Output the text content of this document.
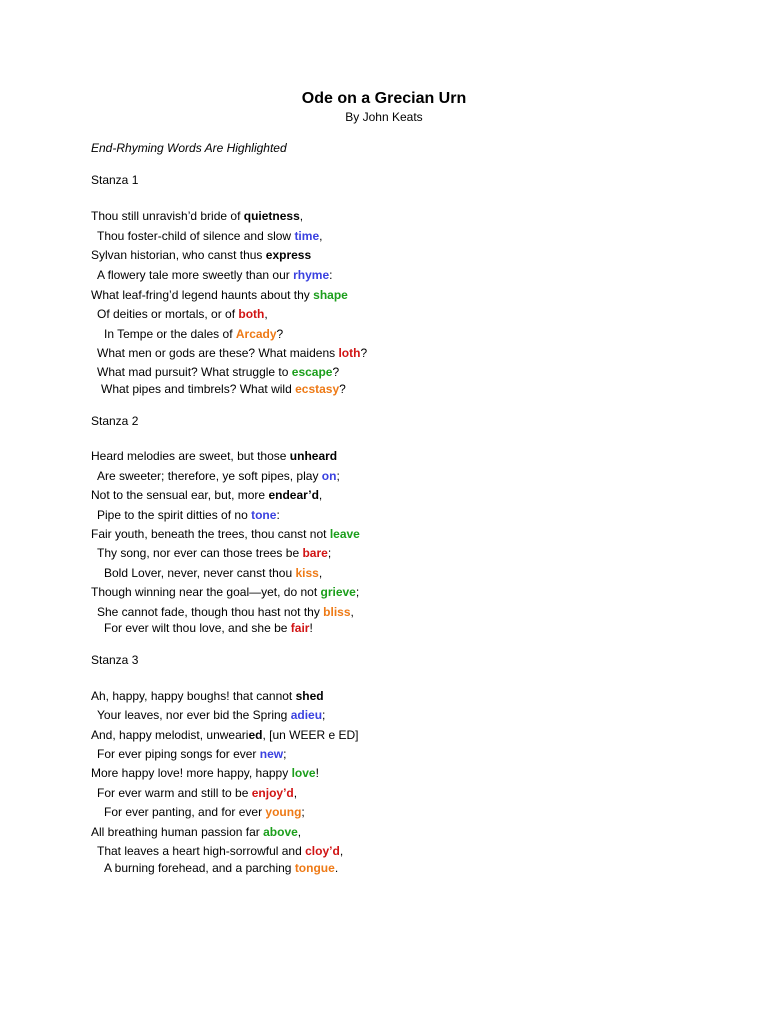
Ode on a Grecian Urn
By John Keats
End-Rhyming Words Are Highlighted
Stanza 1
Thou still unravish’d bride of quietness,
Thou foster-child of silence and slow time,
Sylvan historian, who canst thus express
A flowery tale more sweetly than our rhyme:
What leaf-fring’d legend haunts about thy shape
Of deities or mortals, or of both,
In Tempe or the dales of Arcady?
What men or gods are these? What maidens loth?
What mad pursuit? What struggle to escape?
What pipes and timbrels? What wild ecstasy?
Stanza 2
Heard melodies are sweet, but those unheard
Are sweeter; therefore, ye soft pipes, play on;
Not to the sensual ear, but, more endear’d,
Pipe to the spirit ditties of no tone:
Fair youth, beneath the trees, thou canst not leave
Thy song, nor ever can those trees be bare;
Bold Lover, never, never canst thou kiss,
Though winning near the goal—yet, do not grieve;
She cannot fade, though thou hast not thy bliss,
For ever wilt thou love, and she be fair!
Stanza 3
Ah, happy, happy boughs! that cannot shed
Your leaves, nor ever bid the Spring adieu;
And, happy melodist, unwearied, [un WEER e ED]
For ever piping songs for ever new;
More happy love! more happy, happy love!
For ever warm and still to be enjoy’d,
For ever panting, and for ever young;
All breathing human passion far above,
That leaves a heart high-sorrowful and cloy’d,
A burning forehead, and a parching tongue.
